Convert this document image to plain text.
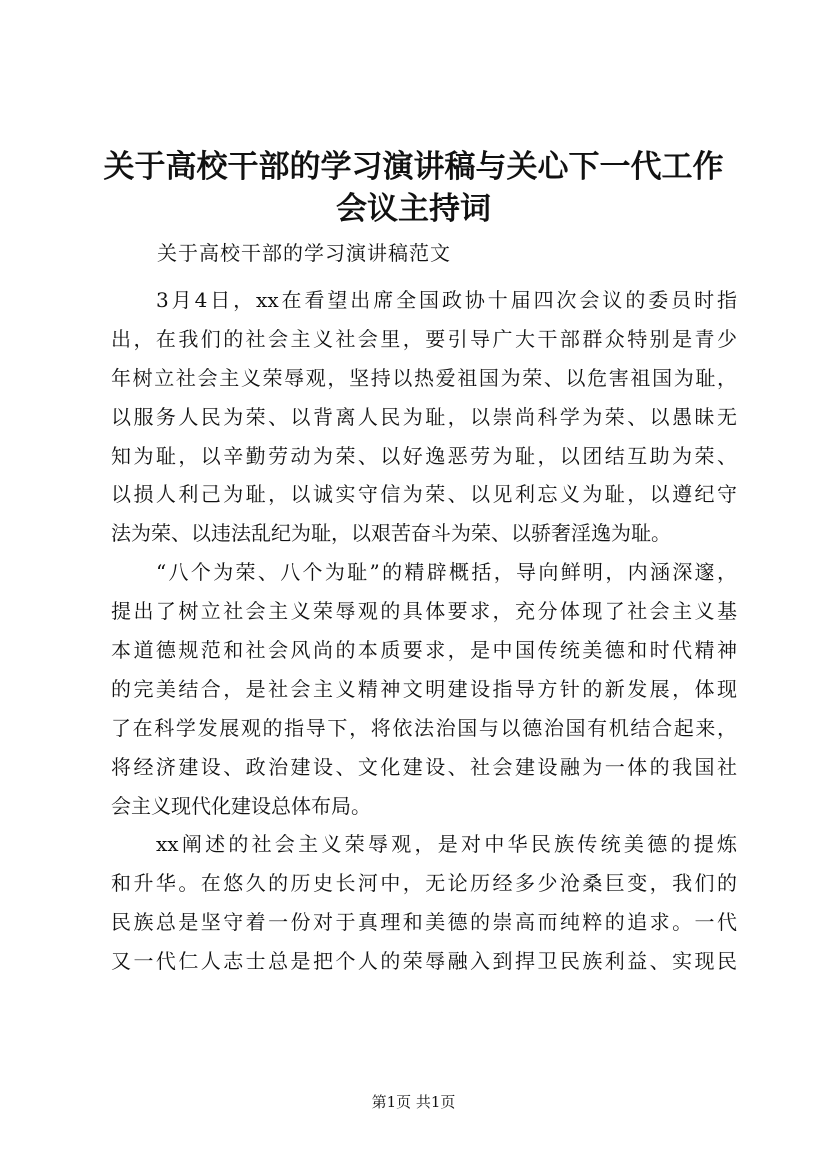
关于高校干部的学习演讲稿与关心下一代工作
会议主持词
关于高校干部的学习演讲稿范文

3月4日，xx在看望出席全国政协十届四次会议的委员时指
出，在我们的社会主义社会里，要引导广大干部群众特别是青少
年树立社会主义荣辱观，坚持以热爱祖国为荣、以危害祖国为耻，
以服务人民为荣、以背离人民为耻，以崇尚科学为荣、以愚昧无
知为耻，以辛勤劳动为荣、以好逸恶劳为耻，以团结互助为荣、
以损人利己为耻，以诚实守信为荣、以见利忘义为耻，以遵纪守
法为荣、以违法乱纪为耻，以艰苦奋斗为荣、以骄奢淫逸为耻。

“八个为荣、八个为耻”的精辟概括，导向鲜明，内涵深邃，
提出了树立社会主义荣辱观的具体要求，充分体现了社会主义基
本道德规范和社会风尚的本质要求，是中国传统美德和时代精神
的完美结合，是社会主义精神文明建设指导方针的新发展，体现
了在科学发展观的指导下，将依法治国与以德治国有机结合起来，
将经济建设、政治建设、文化建设、社会建设融为一体的我国社
会主义现代化建设总体布局。

xx阐述的社会主义荣辱观，是对中华民族传统美德的提炼
和升华。在悠久的历史长河中，无论历经多少沧桑巨变，我们的
民族总是坚守着一份对于真理和美德的崇高而纯粹的追求。一代
又一代仁人志士总是把个人的荣辱融入到捍卫民族利益、实现民

第1页 共1页
